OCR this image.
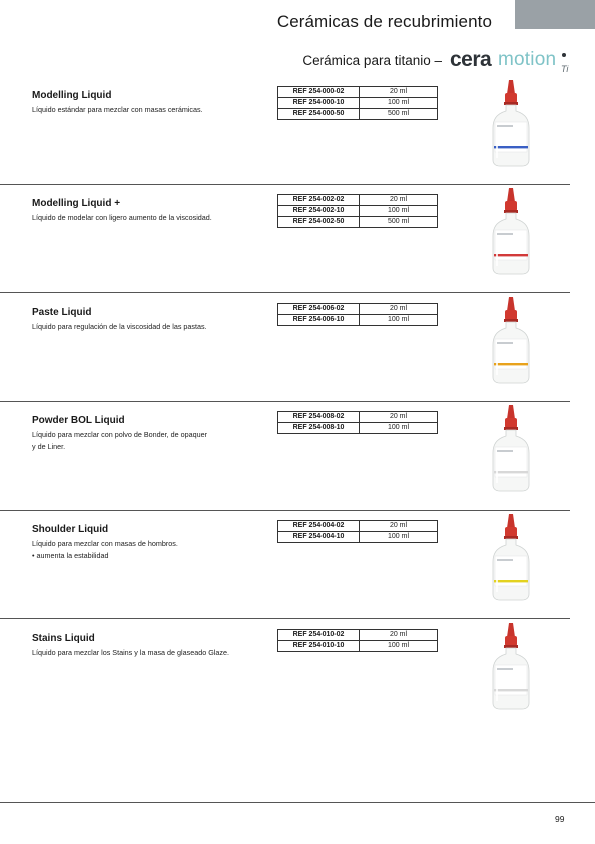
Cerámicas de recubrimiento
Cerámica para titanio – cera motion Ti
Modelling Liquid
Líquido estándar para mezclar con masas cerámicas.
REF 254-000-02	20 ml
REF 254-000-10	100 ml
REF 254-000-50	500 ml
Modelling Liquid +
Líquido de modelar con ligero aumento de la viscosidad.
REF 254-002-02	20 ml
REF 254-002-10	100 ml
REF 254-002-50	500 ml
Paste Liquid
Líquido para regulación de la viscosidad de las pastas.
REF 254-006-02	20 ml
REF 254-006-10	100 ml
Powder BOL Liquid
Líquido para mezclar con polvo de Bonder, de opaquer
y de Liner.
REF 254-008-02	20 ml
REF 254-008-10	100 ml
Shoulder Liquid
Líquido para mezclar con masas de hombros.
• aumenta la estabilidad
REF 254-004-02	20 ml
REF 254-004-10	100 ml
Stains Liquid
Líquido para mezclar los Stains y la masa de glaseado Glaze.
REF 254-010-02	20 ml
REF 254-010-10	100 ml
99
